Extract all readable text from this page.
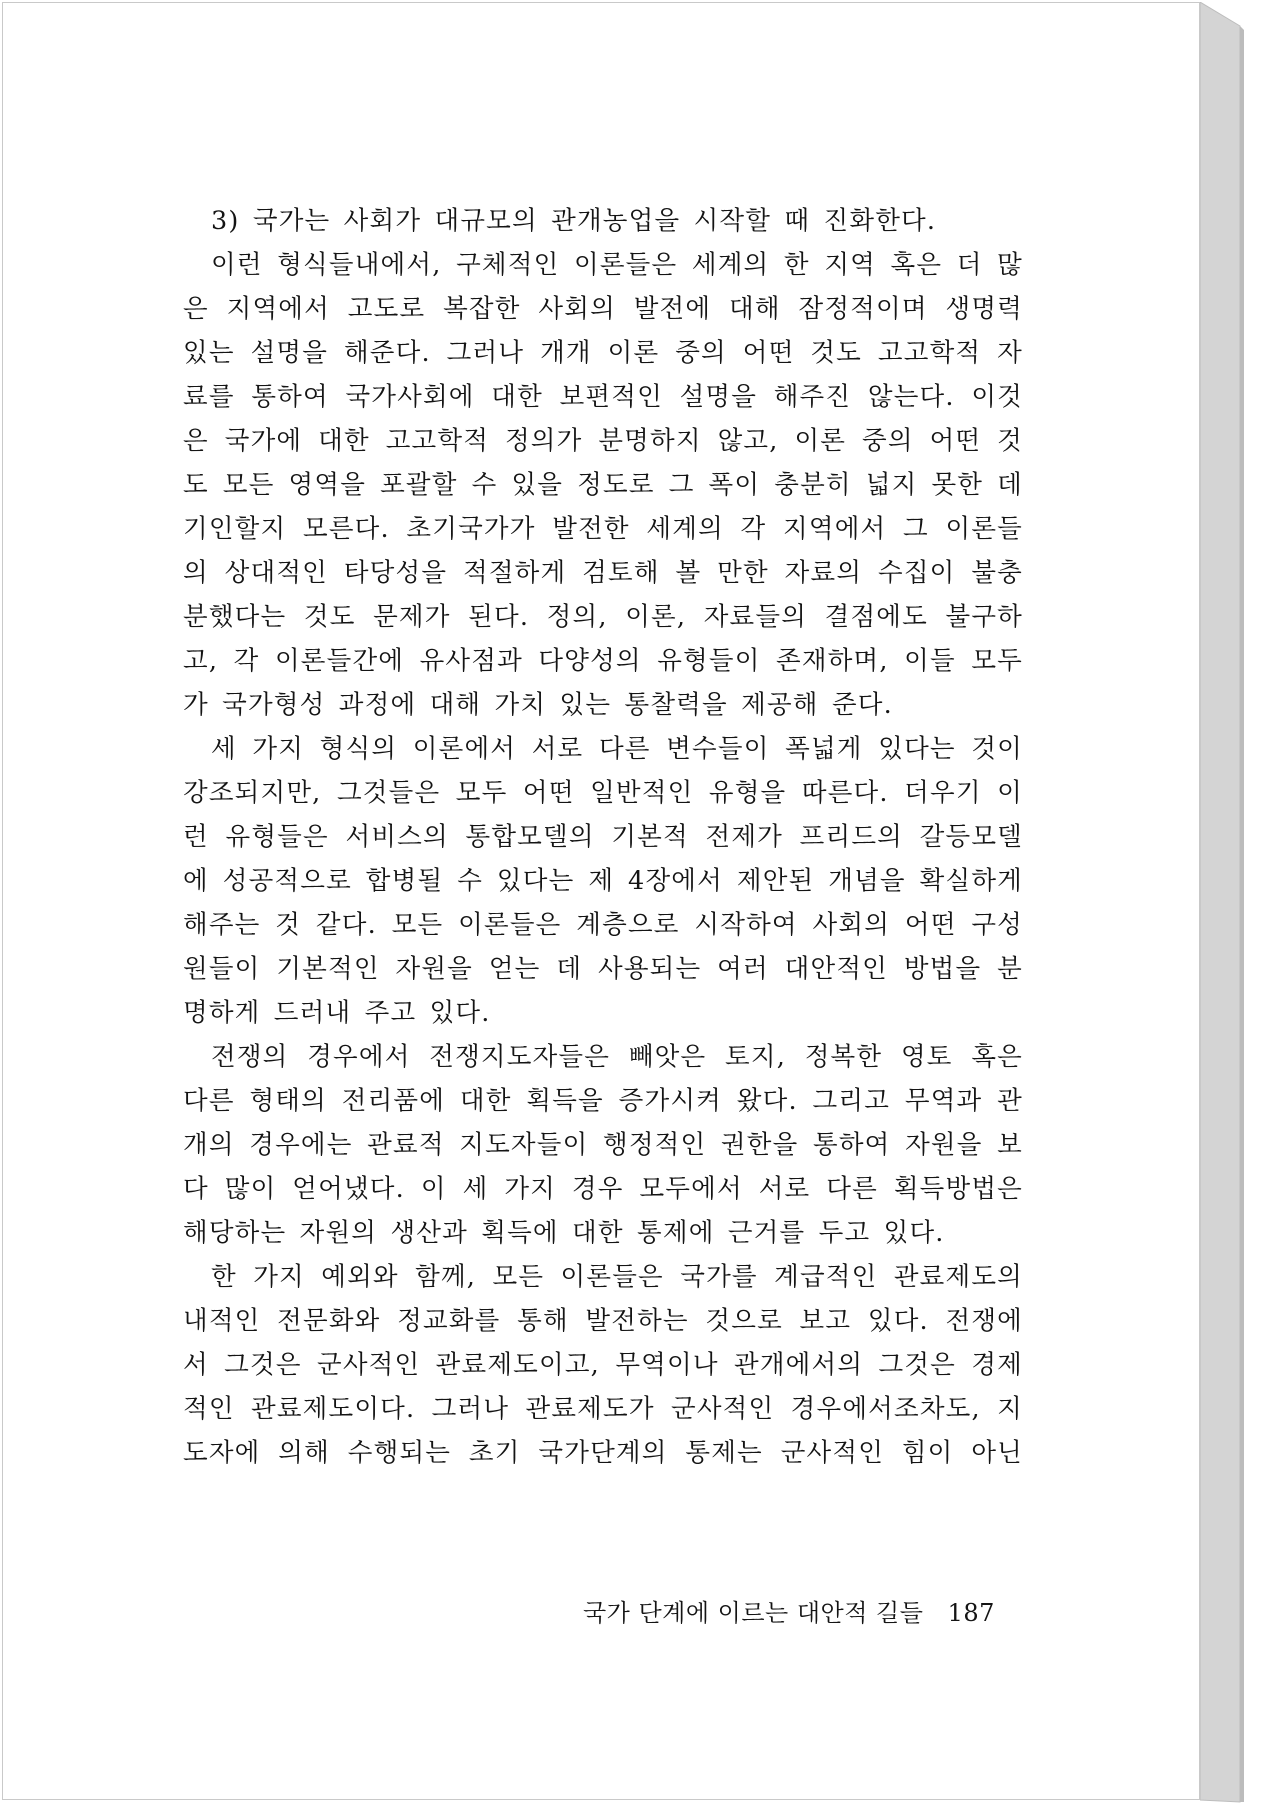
3) 국가는 사회가 대규모의 관개농업을 시작할 때 진화한다.
이런 형식들내에서, 구체적인 이론들은 세계의 한 지역 혹은 더 많
은 지역에서 고도로 복잡한 사회의 발전에 대해 잠정적이며 생명력
있는 설명을 해준다. 그러나 개개 이론 중의 어떤 것도 고고학적 자
료를 통하여 국가사회에 대한 보편적인 설명을 해주진 않는다. 이것
은 국가에 대한 고고학적 정의가 분명하지 않고, 이론 중의 어떤 것
도 모든 영역을 포괄할 수 있을 정도로 그 폭이 충분히 넓지 못한 데
기인할지 모른다. 초기국가가 발전한 세계의 각 지역에서 그 이론들
의 상대적인 타당성을 적절하게 검토해 볼 만한 자료의 수집이 불충
분했다는 것도 문제가 된다. 정의, 이론, 자료들의 결점에도 불구하
고, 각 이론들간에 유사점과 다양성의 유형들이 존재하며, 이들 모두
가 국가형성 과정에 대해 가치 있는 통찰력을 제공해 준다.
세 가지 형식의 이론에서 서로 다른 변수들이 폭넓게 있다는 것이
강조되지만, 그것들은 모두 어떤 일반적인 유형을 따른다. 더우기 이
런 유형들은 서비스의 통합모델의 기본적 전제가 프리드의 갈등모델
에 성공적으로 합병될 수 있다는 제 4장에서 제안된 개념을 확실하게
해주는 것 같다. 모든 이론들은 계층으로 시작하여 사회의 어떤 구성
원들이 기본적인 자원을 얻는 데 사용되는 여러 대안적인 방법을 분
명하게 드러내 주고 있다.
전쟁의 경우에서 전쟁지도자들은 빼앗은 토지, 정복한 영토 혹은
다른 형태의 전리품에 대한 획득을 증가시켜 왔다. 그리고 무역과 관
개의 경우에는 관료적 지도자들이 행정적인 권한을 통하여 자원을 보
다 많이 얻어냈다. 이 세 가지 경우 모두에서 서로 다른 획득방법은
해당하는 자원의 생산과 획득에 대한 통제에 근거를 두고 있다.
한 가지 예외와 함께, 모든 이론들은 국가를 계급적인 관료제도의
내적인 전문화와 정교화를 통해 발전하는 것으로 보고 있다. 전쟁에
서 그것은 군사적인 관료제도이고, 무역이나 관개에서의 그것은 경제
적인 관료제도이다. 그러나 관료제도가 군사적인 경우에서조차도, 지
도자에 의해 수행되는 초기 국가단계의 통제는 군사적인 힘이 아닌
국가 단계에 이르는 대안적 길들 187
